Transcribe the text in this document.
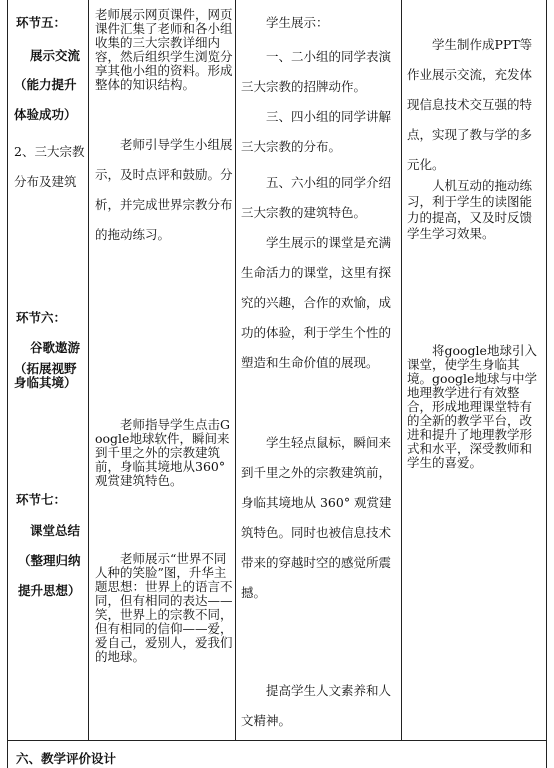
环节五：
展示交流
（能力提升体验成功）
2、三大宗教分布及建筑
环节六：
谷歌遨游
（拓展视野身临其境）
环节七：
课堂总结
（整理归纳提升思想）
老师展示网页课件，网页课件汇集了老师和各小组收集的三大宗教详细内容，然后组织学生浏览分享其他小组的资料。形成整体的知识结构。
老师引导学生小组展示，及时点评和鼓励。分析，并完成世界宗教分布的拖动练习。
老师指导学生点击Google地球软件，瞬间来到千里之外的宗教建筑前，身临其境地从360°观赏建筑特色。
老师展示“世界不同人种的笑脸”图，升华主题思想：世界上的语言不同，但有相同的表达——笑，世界上的宗教不同，但有相同的信仰——爱，爱自己，爱别人，爱我们的地球。
学生展示：
一、二小组的同学表演三大宗教的招牌动作。
三、四小组的同学讲解三大宗教的分布。
五、六小组的同学介绍三大宗教的建筑特色。
学生展示的课堂是充满生命活力的课堂，这里有探究的兴趣，合作的欢愉，成功的体验，利于学生个性的塑造和生命价值的展现。
学生轻点鼠标，瞬间来到千里之外的宗教建筑前，身临其境地从 360° 观赏建筑特色。同时也被信息技术带来的穿越时空的感觉所震撼。
提高学生人文素养和人文精神。
学生制作成PPT等作业展示交流，充发体现信息技术交互强的特点，实现了教与学的多元化。
人机互动的拖动练习，利于学生的读图能力的提高，又及时反馈学生学习效果。
将google地球引入课堂，使学生身临其境。google地球与中学地理教学进行有效整合，形成地理课堂特有的全新的教学平台，改进和提升了地理教学形式和水平，深受教师和学生的喜爱。
六、教学评价设计
